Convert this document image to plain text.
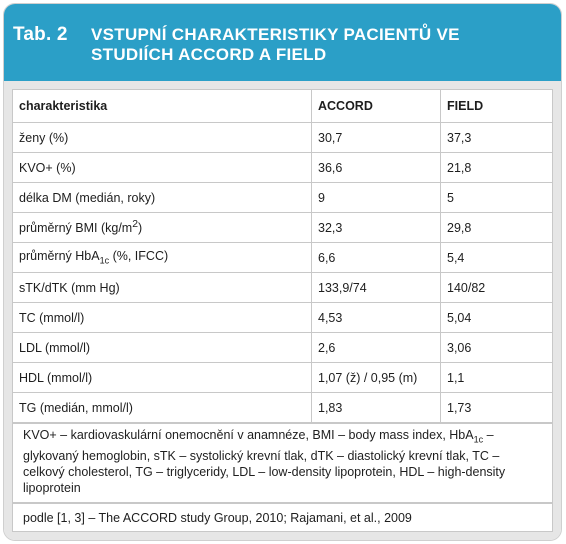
Tab. 2 VSTUPNÍ CHARAKTERISTIKY PACIENTŮ VE STUDIÍCH ACCORD A FIELD
charakteristika	ACCORD	FIELD
ženy (%)	30,7	37,3
KVO+ (%)	36,6	21,8
délka DM (medián, roky)	9	5
průměrný BMI $(kg/m^2)$	32,3	29,8
průměrný HbA$_{1c}$ (%, IFCC)	6,6	5,4
sTK/dTK (mm Hg)	133,9/74	140/82
TC (mmol/l)	4,53	5,04
LDL (mmol/l)	2,6	3,06
HDL (mmol/l)	1,07 (ž) / 0,95 (m)	1,1
TG (medián, mmol/l)	1,83	1,73
KVO+ – kardiovaskulární onemocnění v anamnéze, BMI – body mass index, HbA$_{1c}$ – glykovaný hemoglobin, sTK – systolický krevní tlak, dTK – diastolický krevní tlak, TC – celkový cholesterol, TG – triglyceridy, LDL – low-density lipoprotein, HDL – high-density lipoprotein
podle [1, 3] – The ACCORD study Group, 2010; Rajamani, et al., 2009
